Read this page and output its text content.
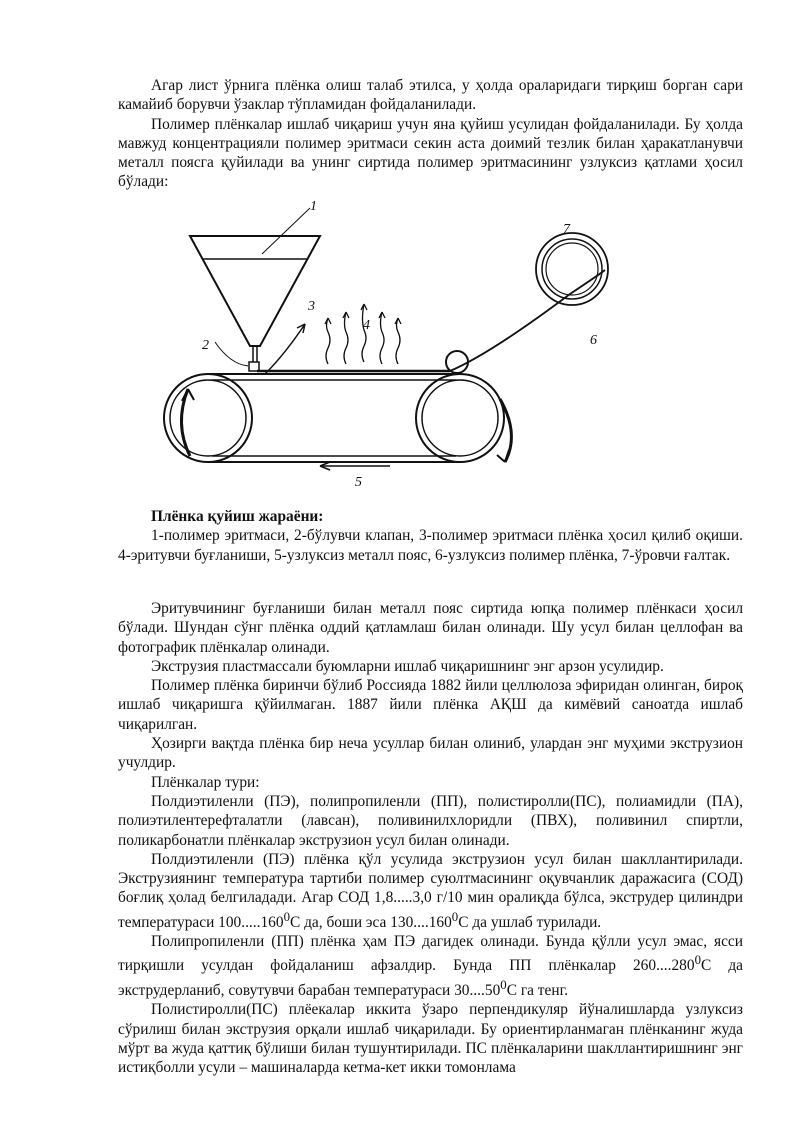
Агар лист ўрнига плёнка олиш талаб этилса, у ҳолда ораларидаги тирқиш борган сари камайиб борувчи ўзаклар тўпламидан фойдаланилади.

Полимер плёнкалар ишлаб чиқариш учун яна қуйиш усулидан фойдаланилади. Бу ҳолда мавжуд концентрацияли полимер эритмаси секин аста доимий тезлик билан ҳаракатланувчи металл поясга қуйилади ва унинг сиртида полимер эритмасининг узлуксиз қатлами ҳосил бўлади:

1
2
3
4
5
6
7

Плёнка қуйиш жараёни:

1-полимер эритмаси, 2-бўлувчи клапан, 3-полимер эритмаси плёнка ҳосил қилиб оқиши. 4-эритувчи буғланиши, 5-узлуксиз металл пояс, 6-узлуксиз полимер плёнка, 7-ўровчи ғалтак.

Эритувчининг буғланиши билан металл пояс сиртида юпқа полимер плёнкаси ҳосил бўлади. Шундан сўнг плёнка оддий қатламлаш билан олинади. Шу усул билан целлофан ва фотографик плёнкалар олинади.

Экструзия пластмассали буюмларни ишлаб чиқаришнинг энг арзон усулидир.

Полимер плёнка биринчи бўлиб Россияда 1882 йили целлюлоза эфиридан олинган, бироқ ишлаб чиқаришга қўйилмаган. 1887 йили плёнка АҚШ да кимёвий саноатда ишлаб чиқарилган.

Ҳозирги вақтда плёнка бир неча усуллар билан олиниб, улардан энг муҳими экструзион учулдир.

Плёнкалар тури:

Полдиэтиленли (ПЭ), полипропиленли (ПП), полистиролли(ПС), полиамидли (ПА), полиэтилентерефталатли (лавсан), поливинилхлоридли (ПВХ), поливинил спиртли, поликарбонатли плёнкалар экструзион усул билан олинади.

Полдиэтиленли (ПЭ) плёнка қўл усулида экструзион усул билан шакллантирилади. Экструзиянинг температура тартиби полимер суюлтмасининг оқувчанлик даражасига (СОД) боғлиқ ҳолад белгиладади. Агар СОД 1,8.....3,0 г/10 мин оралиқда бўлса, экструдер цилиндри температураси 100.....160$^0$С да, боши эса 130....160$^0$С да ушлаб турилади.

Полипропиленли (ПП) плёнка ҳам ПЭ дагидек олинади. Бунда қўлли усул эмас, ясси тирқишли усулдан фойдаланиш афзалдир. Бунда ПП плёнкалар 260....280$^0$С да экструдерланиб, совутувчи барабан температураси 30....50$^0$С га тенг.

Полистиролли(ПС) плёекалар иккита ўзаро перпендикуляр йўналишларда узлуксиз сўрилиш билан экструзия орқали ишлаб чиқарилади. Бу ориентирланмаган плёнканинг жуда мўрт ва жуда қаттиқ бўлиши билан тушунтирилади. ПС плёнкаларини шакллантиришнинг энг истиқболли усули – машиналарда кетма-кет икки томонлама
